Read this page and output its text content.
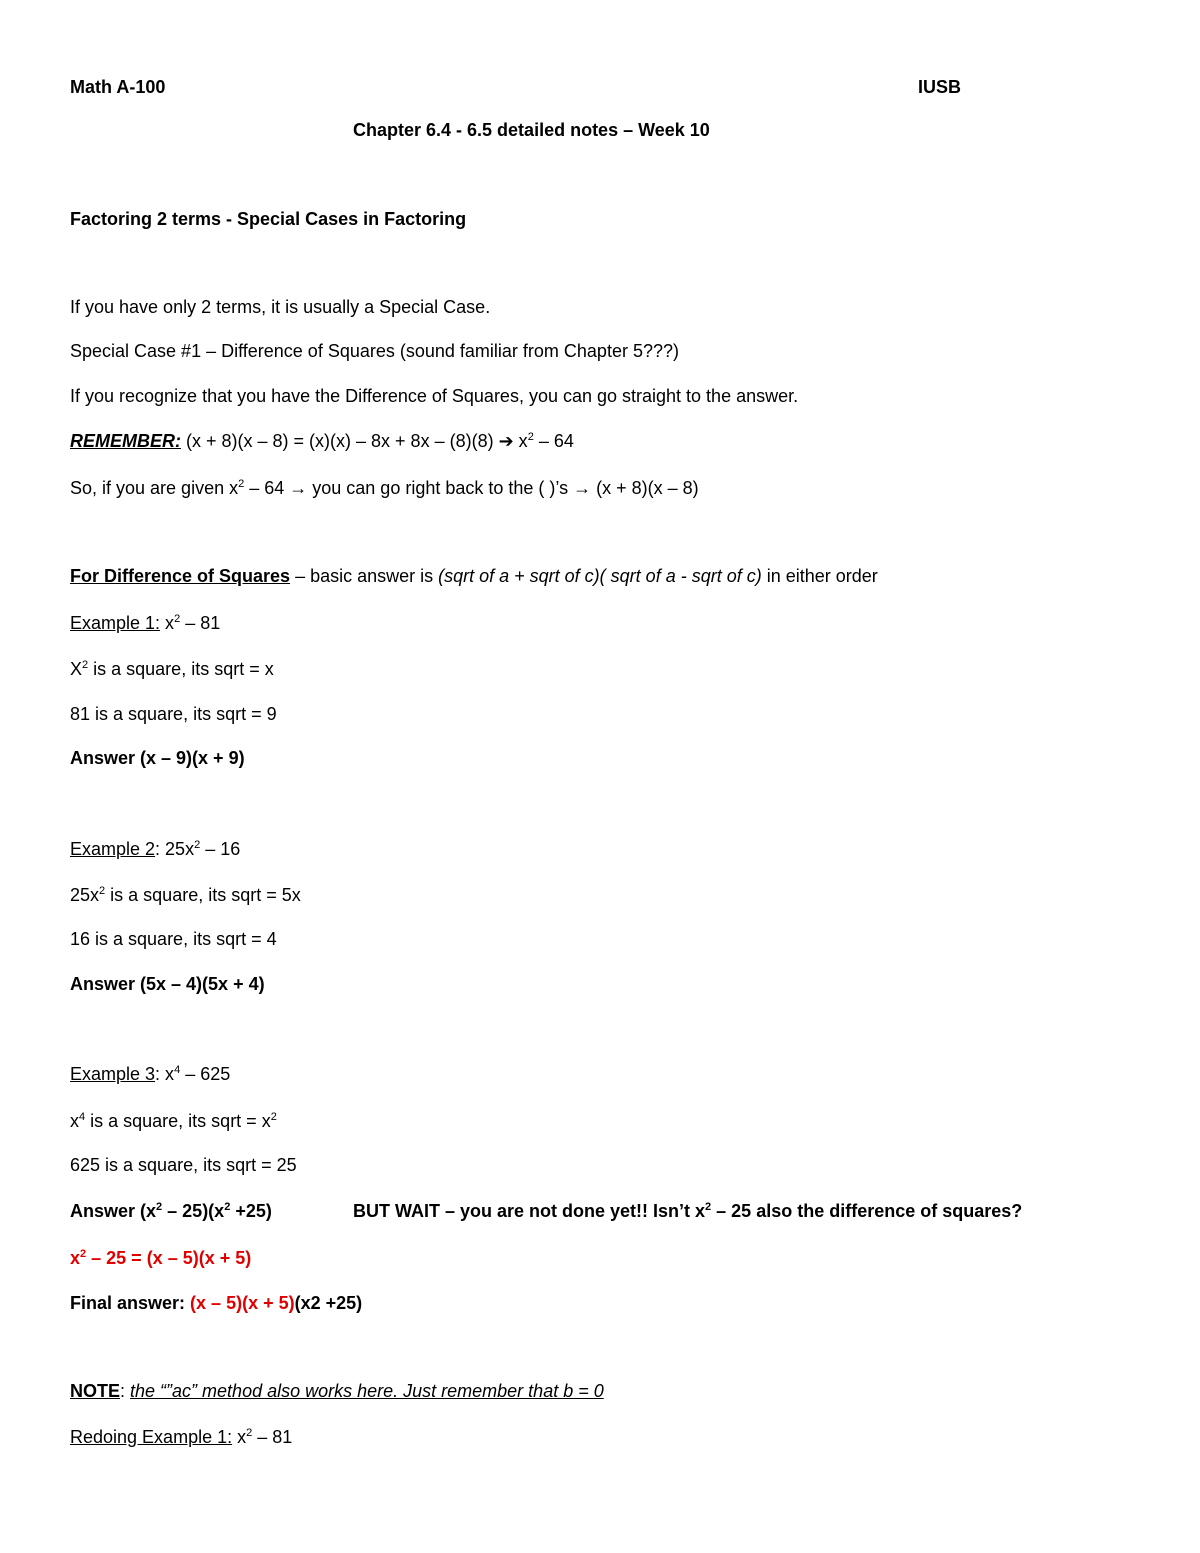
Math A-100	IUSB
Chapter 6.4 - 6.5 detailed notes – Week 10
Factoring 2 terms - Special Cases in Factoring
If you have only 2 terms, it is usually a Special Case.
Special Case #1 – Difference of Squares (sound familiar from Chapter 5???)
If you recognize that you have the Difference of Squares, you can go straight to the answer.
REMEMBER: (x + 8)(x – 8) = (x)(x) – 8x + 8x – (8)(8) ➔ $x^2 - 64$
So, if you are given $x^2 - 64$ → you can go right back to the ( )’s → (x + 8)(x – 8)
For Difference of Squares – basic answer is (sqrt of a + sqrt of c)( sqrt of a - sqrt of c) in either order
Example 1: $x^2 - 81$
$X^2$ is a square, its sqrt = x
81 is a square, its sqrt = 9
Answer (x – 9)(x + 9)
Example 2: $25x^2 - 16$
$25x^2$ is a square, its sqrt = 5x
16 is a square, its sqrt = 4
Answer (5x – 4)(5x + 4)
Example 3: $x^4 - 625$
$x^4$ is a square, its sqrt = $x^2$
625 is a square, its sqrt = 25
Answer $(x^2 - 25)(x^2 +25)$	BUT WAIT – you are not done yet!! Isn’t $x^2 - 25$ also the difference of squares?
$x^2 - 25 = (x - 5)(x + 5)$
Final answer: (x – 5)(x + 5)(x2 +25)
NOTE: the “”ac” method also works here. Just remember that b = 0
Redoing Example 1: $x^2 - 81$
